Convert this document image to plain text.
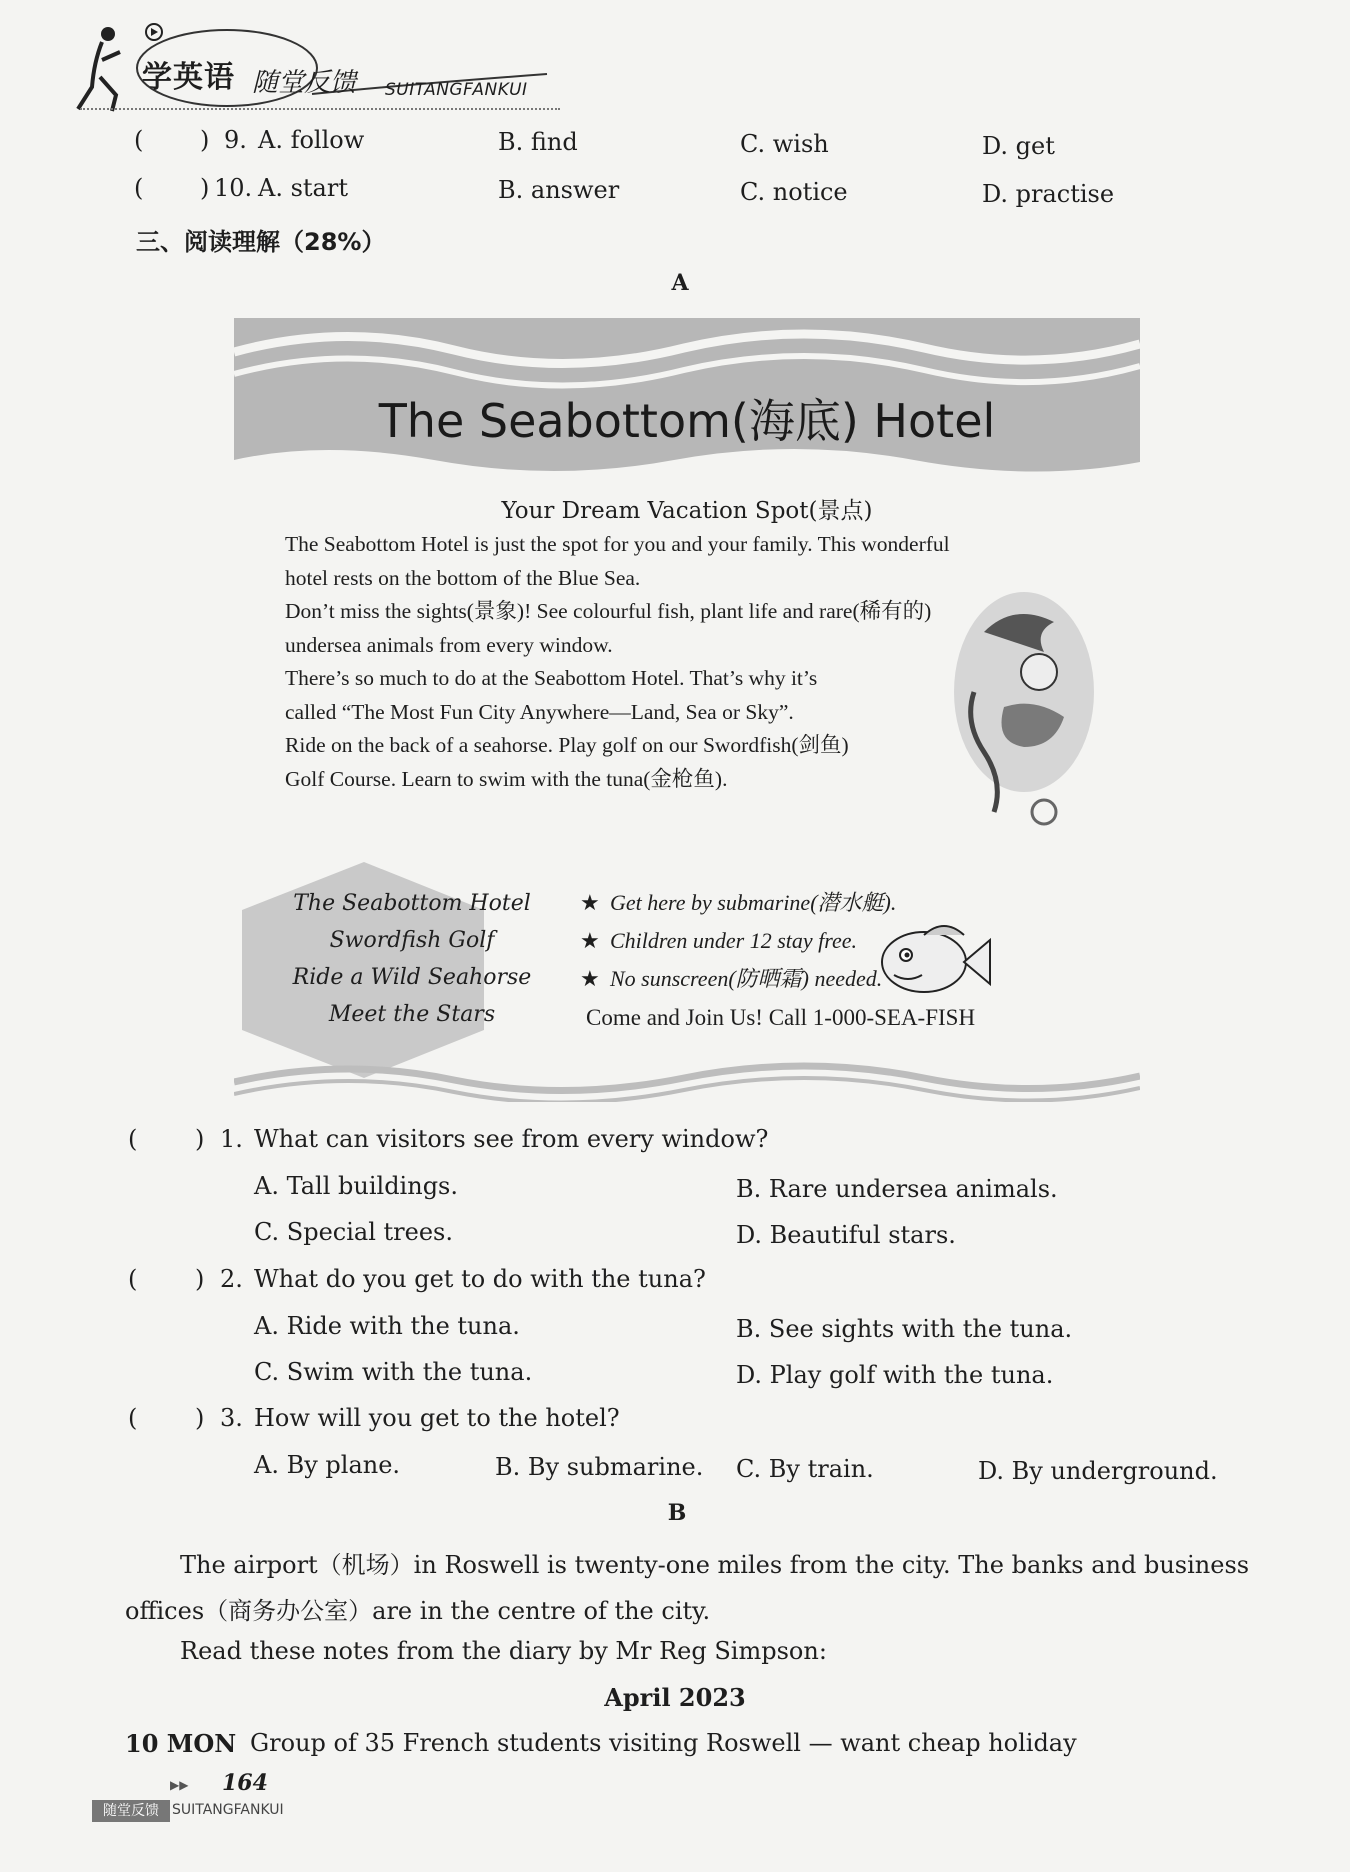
学英语 随堂反馈 SUITANGFANKUI
( ) 9. A. follow	B. find	C. wish	D. get
( ) 10. A. start	B. answer	C. notice	D. practise
三、阅读理解（28%）
A
The Seabottom(海底) Hotel
Your Dream Vacation Spot(景点)
The Seabottom Hotel is just the spot for you and your family. This wonderful
hotel rests on the bottom of the Blue Sea.
Don’t miss the sights(景象)! See colourful fish, plant life and rare(稀有的)
undersea animals from every window.
There’s so much to do at the Seabottom Hotel. That’s why it’s
called “The Most Fun City Anywhere—Land, Sea or Sky”.
Ride on the back of a seahorse. Play golf on our Swordfish(剑鱼)
Golf Course. Learn to swim with the tuna(金枪鱼).
The Seabottom Hotel
Swordfish Golf
Ride a Wild Seahorse
Meet the Stars
★ Get here by submarine(潜水艇).
★ Children under 12 stay free.
★ No sunscreen(防晒霜) needed.
Come and Join Us! Call 1-000-SEA-FISH
( ) 1. What can visitors see from every window?
A. Tall buildings.	B. Rare undersea animals.
C. Special trees.	D. Beautiful stars.
( ) 2. What do you get to do with the tuna?
A. Ride with the tuna.	B. See sights with the tuna.
C. Swim with the tuna.	D. Play golf with the tuna.
( ) 3. How will you get to the hotel?
A. By plane.	B. By submarine. C. By train.	D. By underground.
B
The airport（机场）in Roswell is twenty-one miles from the city. The banks and business
offices（商务办公室）are in the centre of the city.
Read these notes from the diary by Mr Reg Simpson:
April 2023
10 MON Group of 35 French students visiting Roswell — want cheap holiday
▶▶ 164
随堂反馈 SUITANGFANKUI
